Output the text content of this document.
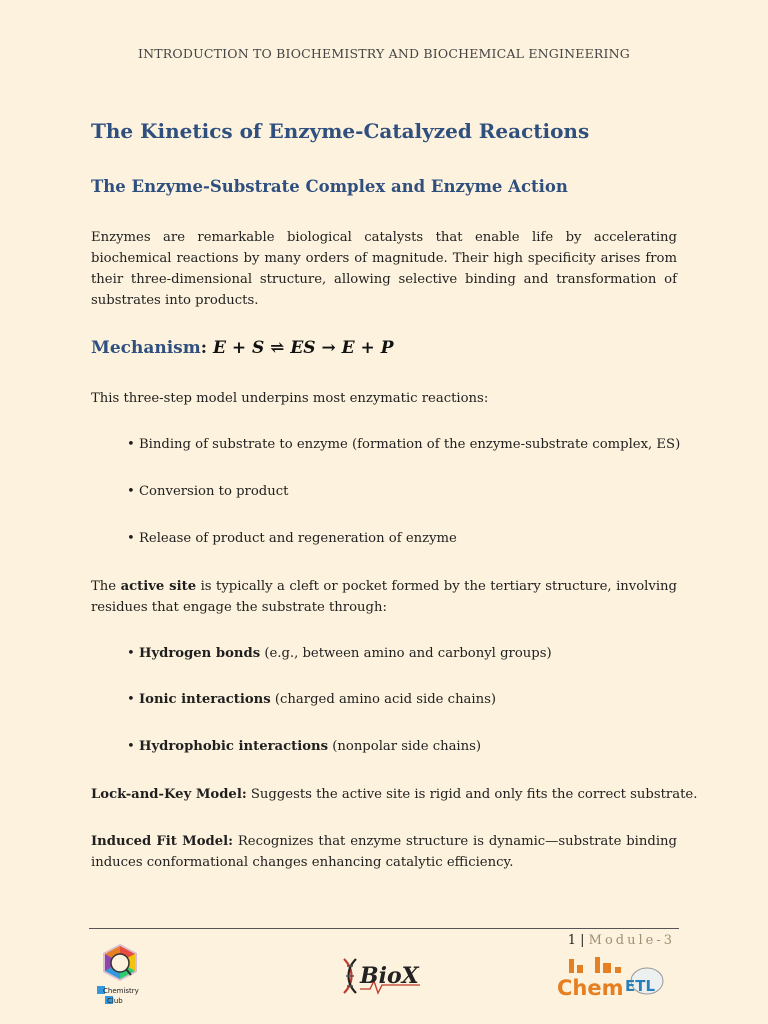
INTRODUCTION TO BIOCHEMISTRY AND BIOCHEMICAL ENGINEERING
The Kinetics of Enzyme-Catalyzed Reactions
The Enzyme-Substrate Complex and Enzyme Action

Enzymes are remarkable biological catalysts that enable life by accelerating biochemical reactions by many orders of magnitude. Their high specificity arises from their three-dimensional structure, allowing selective binding and transformation of substrates into products.

Mechanism: E + S ⇌ ES → E + P

This three-step model underpins most enzymatic reactions:

• Binding of substrate to enzyme (formation of the enzyme-substrate complex, ES)

• Conversion to product

• Release of product and regeneration of enzyme

The active site is typically a cleft or pocket formed by the tertiary structure, involving residues that engage the substrate through:

• Hydrogen bonds (e.g., between amino and carbonyl groups)

• Ionic interactions (charged amino acid side chains)

• Hydrophobic interactions (nonpolar side chains)

Lock-and-Key Model: Suggests the active site is rigid and only fits the correct substrate.

Induced Fit Model: Recognizes that enzyme structure is dynamic—substrate binding induces conformational changes enhancing catalytic efficiency.

1 | Module-3
Chemistry
Club
BioX	Chem ETL
